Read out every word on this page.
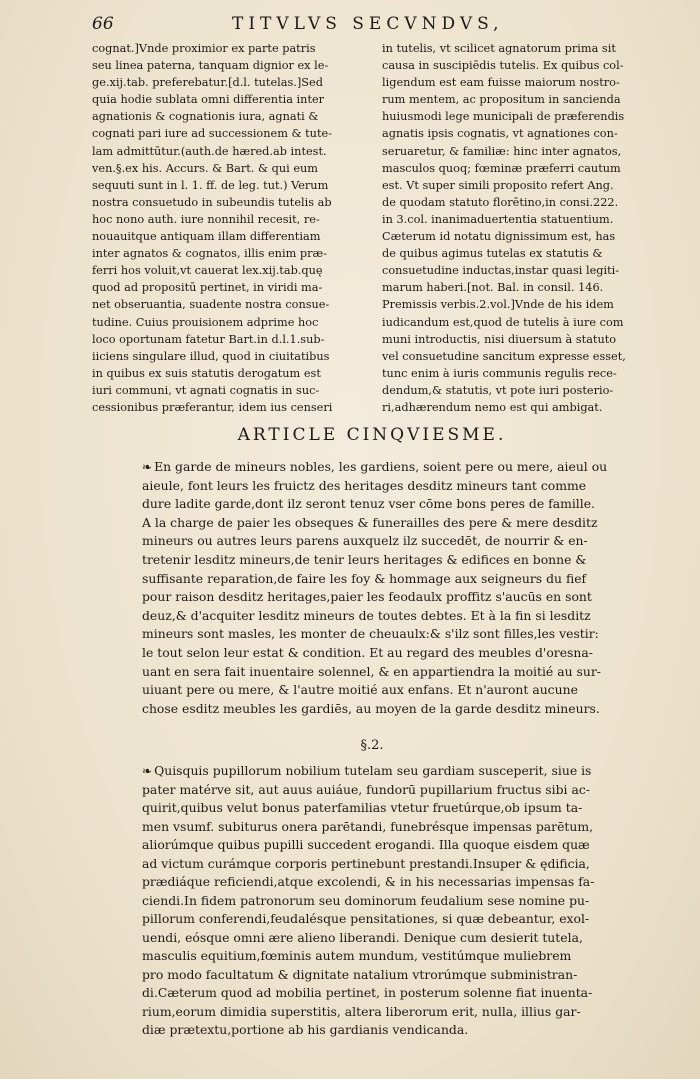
66	TITVLVS SECVNDVS,
cognat.]Vnde proximior ex parte patris
seu linea paterna, tanquam dignior ex le-
ge.xij.tab. preferebatur.[d.l. tutelas.]Sed
quia hodie sublata omni differentia inter
agnationis & cognationis iura, agnati &
cognati pari iure ad successionem & tute-
lam admittūtur.(auth.de hæred.ab intest.
ven.§.ex his. Accurs. & Bart. & qui eum
sequuti sunt in l. 1. ff. de leg. tut.) Verum
nostra consuetudo in subeundis tutelis ab
hoc nono auth. iure nonnihil recesit, re-
nouauitque antiquam illam differentiam
inter agnatos & cognatos, illis enim præ-
ferri hos voluit,vt cauerat lex.xij.tab.quę
quod ad propositū pertinet, in viridi ma-
net obseruantia, suadente nostra consue-
tudine. Cuius prouisionem adprime hoc
loco oportunam fatetur Bart.in d.l.1.sub-
iiciens singulare illud, quod in ciuitatibus
in quibus ex suis statutis derogatum est
iuri communi, vt agnati cognatis in suc-
cessionibus præferantur, idem ius censeri
in tutelis, vt scilicet agnatorum prima sit
causa in suscipiēdis tutelis. Ex quibus col-
ligendum est eam fuisse maiorum nostro-
rum mentem, ac propositum in sancienda
huiusmodi lege municipali de præferendis
agnatis ipsis cognatis, vt agnationes con-
seruaretur, & familiæ: hinc inter agnatos,
masculos quoq; fœminæ præferri cautum
est. Vt super simili proposito refert Ang.
de quodam statuto florētino,in consi.222.
in 3.col. inanimaduertentia statuentium.
Cæterum id notatu dignissimum est, has
de quibus agimus tutelas ex statutis &
consuetudine inductas,instar quasi legiti-
marum haberi.[not. Bal. in consil. 146.
Premissis verbis.2.vol.]Vnde de his idem
iudicandum est,quod de tutelis à iure com
muni introductis, nisi diuersum à statuto
vel consuetudine sancitum expresse esset,
tunc enim à iuris communis regulis rece-
dendum,& statutis, vt pote iuri posterio-
ri,adhærendum nemo est qui ambigat.
ARTICLE CINQVIESME.
❧ En garde de mineurs nobles, les gardiens, soient pere ou mere, aieul ou
aieule, font leurs les fruictz des heritages desditz mineurs tant comme
dure ladite garde,dont ilz seront tenuz vser cōme bons peres de famille.
A la charge de paier les obseques & funerailles des pere & mere desditz
mineurs ou autres leurs parens auxquelz ilz succedēt, de nourrir & en-
tretenir lesditz mineurs,de tenir leurs heritages & edifices en bonne &
suffisante reparation,de faire les foy & hommage aux seigneurs du fief
pour raison desditz heritages,paier les feodaulx proffitz s'aucūs en sont
deuz,& d'acquiter lesditz mineurs de toutes debtes. Et à la fin si lesditz
mineurs sont masles, les monter de cheuaulx:& s'ilz sont filles,les vestir:
le tout selon leur estat & condition. Et au regard des meubles d'oresna-
uant en sera fait inuentaire solennel, & en appartiendra la moitié au sur-
uiuant pere ou mere, & l'autre moitié aux enfans. Et n'auront aucune
chose esditz meubles les gardiēs, au moyen de la garde desditz mineurs.
§.2.
❧ Quisquis pupillorum nobilium tutelam seu gardiam susceperit, siue is
pater matérve sit, aut auus auiáue, fundorū pupillarium fructus sibi ac-
quirit,quibus velut bonus paterfamilias vtetur fruetúrque,ob ipsum ta-
men vsumf. subiturus onera parētandi, funebrésque impensas parētum,
aliorúmque quibus pupilli succedent erogandi. Illa quoque eisdem quæ
ad victum curámque corporis pertinebunt prestandi.Insuper & ędificia,
prædiáque reficiendi,atque excolendi, & in his necessarias impensas fa-
ciendi.In fidem patronorum seu dominorum feudalium sese nomine pu-
pillorum conferendi,feudalésque pensitationes, si quæ debeantur, exol-
uendi, eósque omni ære alieno liberandi. Denique cum desierit tutela,
masculis equitium,fœminis autem mundum, vestitúmque muliebrem
pro modo facultatum & dignitate natalium vtrorúmque subministran-
di.Cæterum quod ad mobilia pertinet, in posterum solenne fiat inuenta-
rium,eorum dimidia superstitis, altera liberorum erit, nulla, illius gar-
diæ prætextu,portione ab his gardianis vendicanda.
